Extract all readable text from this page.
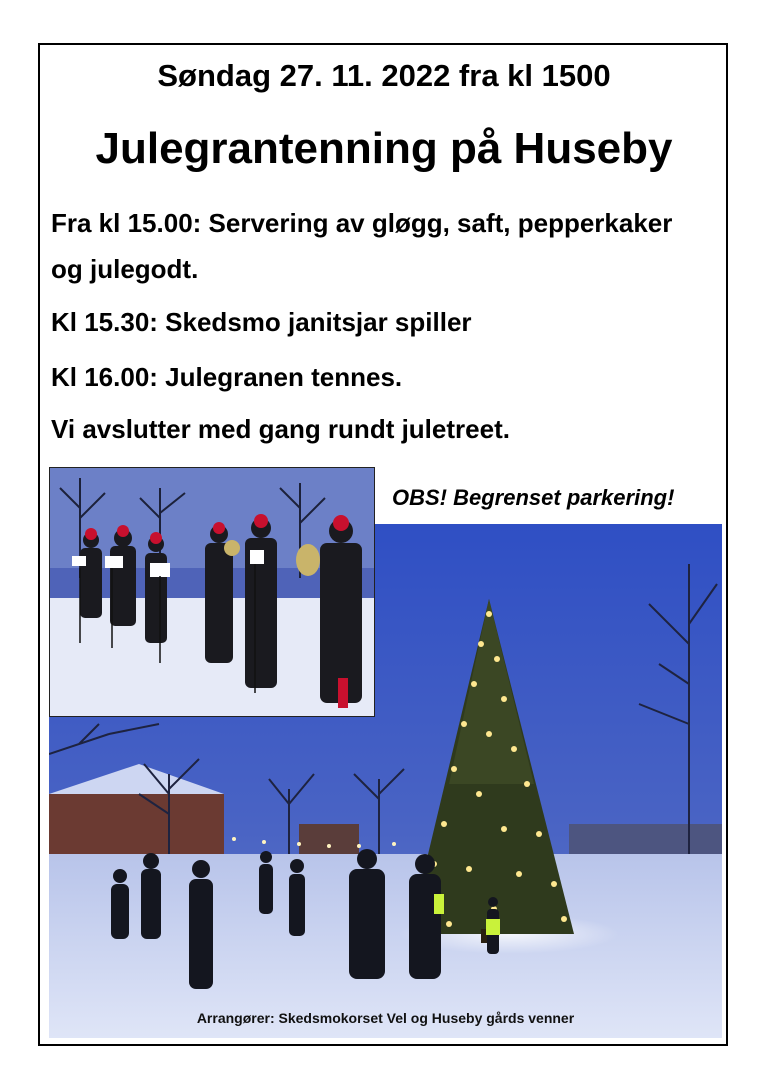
Søndag 27. 11. 2022 fra kl 1500
Julegrantenning på Huseby
Fra kl 15.00: Servering av gløgg, saft, pepperkaker
og julegodt.
Kl 15.30: Skedsmo janitsjar spiller
Kl 16.00: Julegranen tennes.
Vi avslutter med gang rundt juletreet.
OBS! Begrenset parkering!
Arrangører: Skedsmokorset Vel og Huseby gårds venner
